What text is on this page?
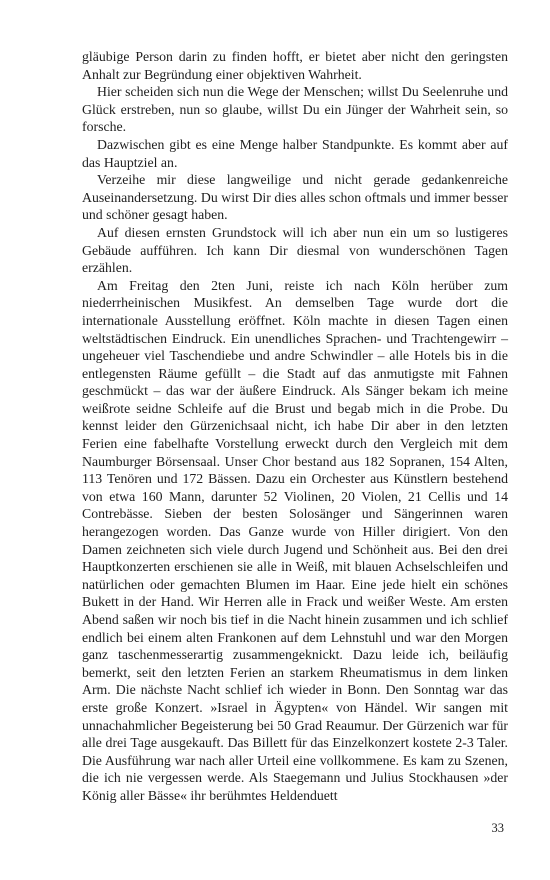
gläubige Person darin zu finden hofft, er bietet aber nicht den geringsten Anhalt zur Begründung einer objektiven Wahrheit.

Hier scheiden sich nun die Wege der Menschen; willst Du Seelenruhe und Glück erstreben, nun so glaube, willst Du ein Jünger der Wahrheit sein, so forsche.

Dazwischen gibt es eine Menge halber Standpunkte. Es kommt aber auf das Hauptziel an.

Verzeihe mir diese langweilige und nicht gerade gedankenreiche Auseinandersetzung. Du wirst Dir dies alles schon oftmals und immer besser und schöner gesagt haben.

Auf diesen ernsten Grundstock will ich aber nun ein um so lustigeres Gebäude aufführen. Ich kann Dir diesmal von wunderschönen Tagen erzählen.

Am Freitag den 2ten Juni, reiste ich nach Köln herüber zum niederrheinischen Musikfest. An demselben Tage wurde dort die internationale Ausstellung eröffnet. Köln machte in diesen Tagen einen weltstädtischen Eindruck. Ein unendliches Sprachen- und Trachtengewirr – ungeheuer viel Taschendiebe und andre Schwindler – alle Hotels bis in die entlegensten Räume gefüllt – die Stadt auf das anmutigste mit Fahnen geschmückt – das war der äußere Eindruck. Als Sänger bekam ich meine weißrote seidne Schleife auf die Brust und begab mich in die Probe. Du kennst leider den Gürzenichsaal nicht, ich habe Dir aber in den letzten Ferien eine fabelhafte Vorstellung erweckt durch den Vergleich mit dem Naumburger Börsensaal. Unser Chor bestand aus 182 Sopranen, 154 Alten, 113 Tenören und 172 Bässen. Dazu ein Orchester aus Künstlern bestehend von etwa 160 Mann, darunter 52 Violinen, 20 Violen, 21 Cellis und 14 Contrebässe. Sieben der besten Solosänger und Sängerinnen waren herangezogen worden. Das Ganze wurde von Hiller dirigiert. Von den Damen zeichneten sich viele durch Jugend und Schönheit aus. Bei den drei Hauptkonzerten erschienen sie alle in Weiß, mit blauen Achselschleifen und natürlichen oder gemachten Blumen im Haar. Eine jede hielt ein schönes Bukett in der Hand. Wir Herren alle in Frack und weißer Weste. Am ersten Abend saßen wir noch bis tief in die Nacht hinein zusammen und ich schlief endlich bei einem alten Frankonen auf dem Lehnstuhl und war den Morgen ganz taschenmesserartig zusammengeknickt. Dazu leide ich, beiläufig bemerkt, seit den letzten Ferien an starkem Rheumatismus in dem linken Arm. Die nächste Nacht schlief ich wieder in Bonn. Den Sonntag war das erste große Konzert. »Israel in Ägypten« von Händel. Wir sangen mit unnachahmlicher Begeisterung bei 50 Grad Reaumur. Der Gürzenich war für alle drei Tage ausgekauft. Das Billett für das Einzelkonzert kostete 2-3 Taler. Die Ausführung war nach aller Urteil eine vollkommene. Es kam zu Szenen, die ich nie vergessen werde. Als Staegemann und Julius Stockhausen »der König aller Bässe« ihr berühmtes Heldenduett

33
